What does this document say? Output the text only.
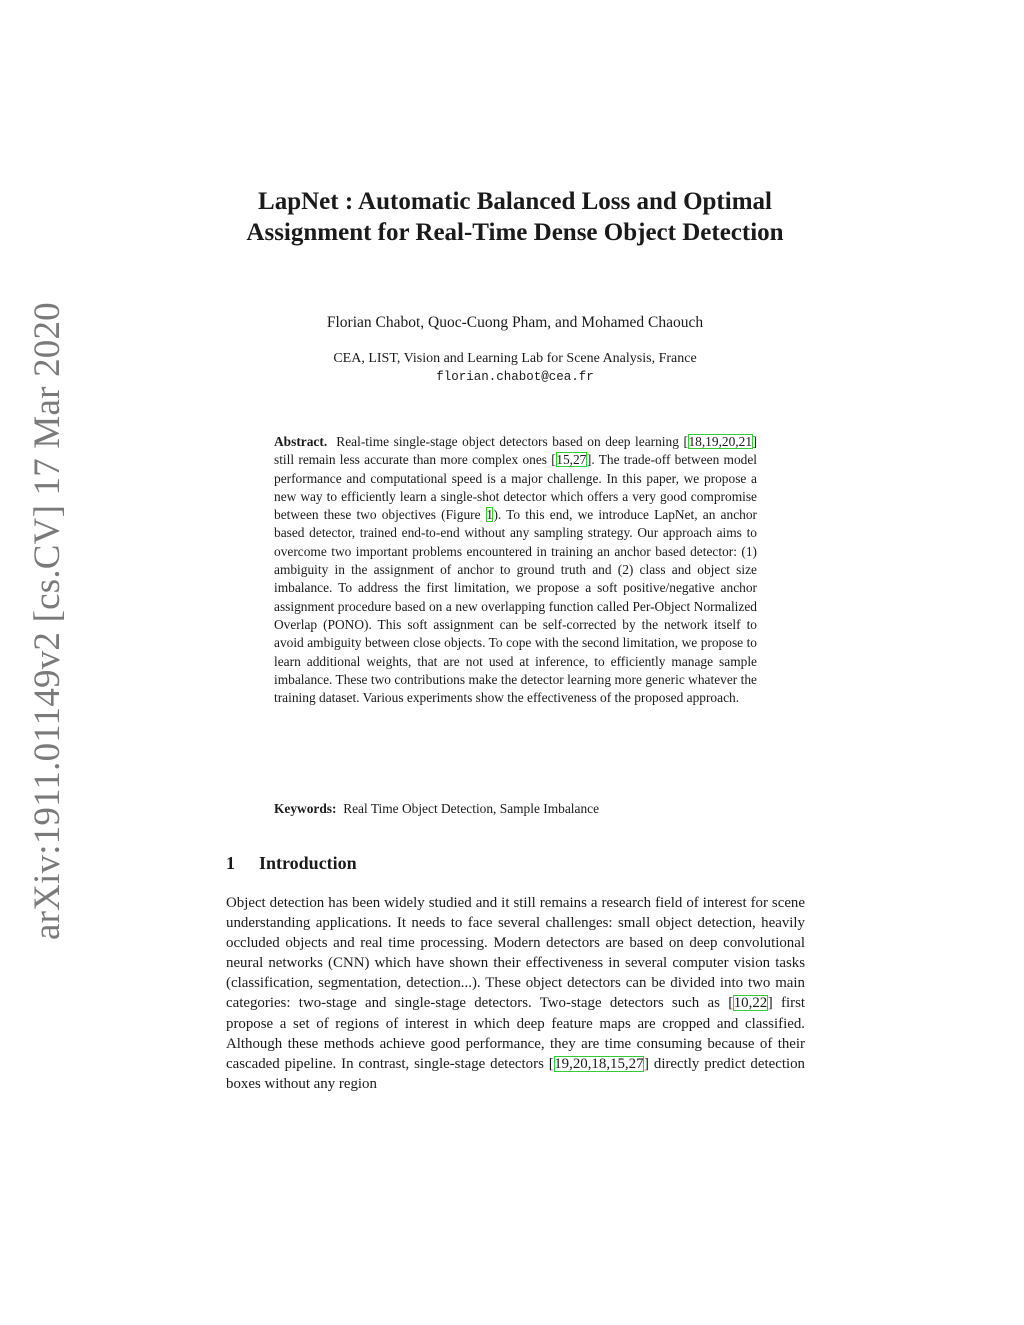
arXiv:1911.01149v2 [cs.CV] 17 Mar 2020
LapNet : Automatic Balanced Loss and Optimal Assignment for Real-Time Dense Object Detection
Florian Chabot, Quoc-Cuong Pham, and Mohamed Chaouch
CEA, LIST, Vision and Learning Lab for Scene Analysis, France
florian.chabot@cea.fr
Abstract. Real-time single-stage object detectors based on deep learning [18,19,20,21] still remain less accurate than more complex ones [15,27]. The trade-off between model performance and computational speed is a major challenge. In this paper, we propose a new way to efficiently learn a single-shot detector which offers a very good compromise between these two objectives (Figure 1). To this end, we introduce LapNet, an anchor based detector, trained end-to-end without any sampling strategy. Our approach aims to overcome two important problems encountered in training an anchor based detector: (1) ambiguity in the assignment of anchor to ground truth and (2) class and object size imbalance. To address the first limitation, we propose a soft positive/negative anchor assignment procedure based on a new overlapping function called Per-Object Normalized Overlap (PONO). This soft assignment can be self-corrected by the network itself to avoid ambiguity between close objects. To cope with the second limitation, we propose to learn additional weights, that are not used at inference, to efficiently manage sample imbalance. These two contributions make the detector learning more generic whatever the training dataset. Various experiments show the effectiveness of the proposed approach.
Keywords: Real Time Object Detection, Sample Imbalance
1 Introduction
Object detection has been widely studied and it still remains a research field of interest for scene understanding applications. It needs to face several challenges: small object detection, heavily occluded objects and real time processing. Modern detectors are based on deep convolutional neural networks (CNN) which have shown their effectiveness in several computer vision tasks (classification, segmentation, detection...). These object detectors can be divided into two main categories: two-stage and single-stage detectors. Two-stage detectors such as [10,22] first propose a set of regions of interest in which deep feature maps are cropped and classified. Although these methods achieve good performance, they are time consuming because of their cascaded pipeline. In contrast, single-stage detectors [19,20,18,15,27] directly predict detection boxes without any region
